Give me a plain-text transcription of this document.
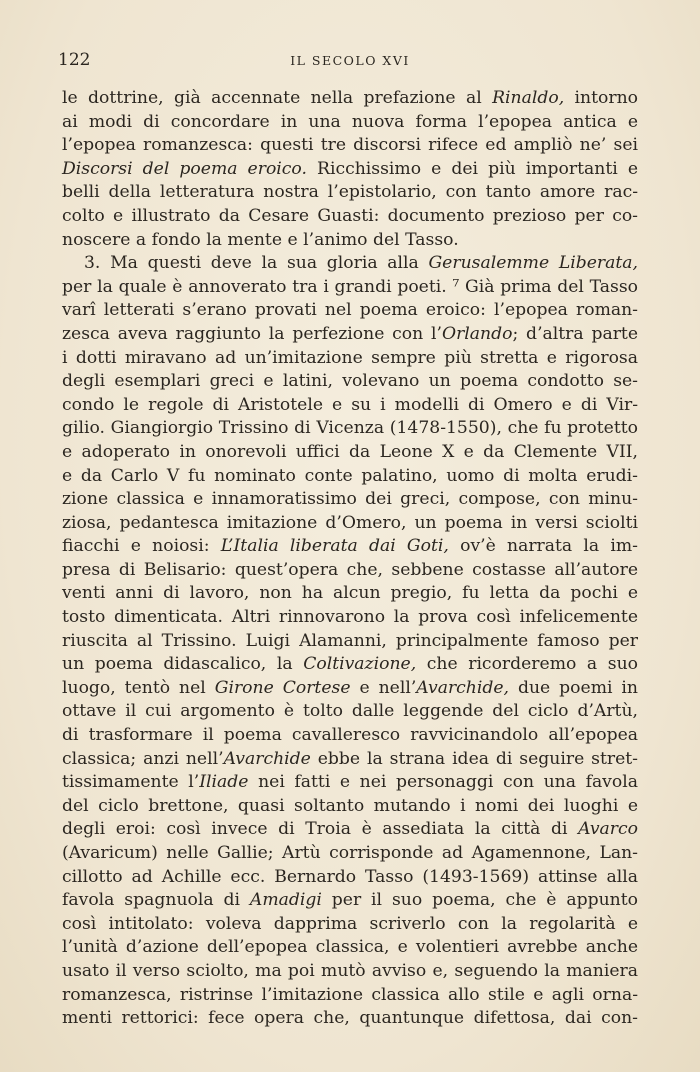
122	IL SECOLO XVI
le dottrine, già accennate nella prefazione al Rinaldo, intorno
ai modi di concordare in una nuova forma l’epopea antica e
l’epopea romanzesca: questi tre discorsi rifece ed ampliò ne’ sei
Discorsi del poema eroico. Ricchissimo e dei più importanti e
belli della letteratura nostra l’epistolario, con tanto amore rac-
colto e illustrato da Cesare Guasti: documento prezioso per co-
noscere a fondo la mente e l’animo del Tasso.
3. Ma questi deve la sua gloria alla Gerusalemme Liberata,
per la quale è annoverato tra i grandi poeti. ⁷ Già prima del Tasso
varî letterati s’erano provati nel poema eroico: l’epopea roman-
zesca aveva raggiunto la perfezione con l’Orlando; d’altra parte
i dotti miravano ad un’imitazione sempre più stretta e rigorosa
degli esemplari greci e latini, volevano un poema condotto se-
condo le regole di Aristotele e su i modelli di Omero e di Vir-
gilio. Giangiorgio Trissino di Vicenza (1478-1550), che fu protetto
e adoperato in onorevoli uffici da Leone X e da Clemente VII,
e da Carlo V fu nominato conte palatino, uomo di molta erudi-
zione classica e innamoratissimo dei greci, compose, con minu-
ziosa, pedantesca imitazione d’Omero, un poema in versi sciolti
fiacchi e noiosi: L’Italia liberata dai Goti, ov’è narrata la im-
presa di Belisario: quest’opera che, sebbene costasse all’autore
venti anni di lavoro, non ha alcun pregio, fu letta da pochi e
tosto dimenticata. Altri rinnovarono la prova così infelicemente
riuscita al Trissino. Luigi Alamanni, principalmente famoso per
un poema didascalico, la Coltivazione, che ricorderemo a suo
luogo, tentò nel Girone Cortese e nell’Avarchide, due poemi in
ottave il cui argomento è tolto dalle leggende del ciclo d’Artù,
di trasformare il poema cavalleresco ravvicinandolo all’epopea
classica; anzi nell’Avarchide ebbe la strana idea di seguire stret-
tissimamente l’Iliade nei fatti e nei personaggi con una favola
del ciclo brettone, quasi soltanto mutando i nomi dei luoghi e
degli eroi: così invece di Troia è assediata la città di Avarco
(Avaricum) nelle Gallie; Artù corrisponde ad Agamennone, Lan-
cillotto ad Achille ecc. Bernardo Tasso (1493-1569) attinse alla
favola spagnuola di Amadigi per il suo poema, che è appunto
così intitolato: voleva dapprima scriverlo con la regolarità e
l’unità d’azione dell’epopea classica, e volentieri avrebbe anche
usato il verso sciolto, ma poi mutò avviso e, seguendo la maniera
romanzesca, ristrinse l’imitazione classica allo stile e agli orna-
menti rettorici: fece opera che, quantunque difettosa, dai con-
